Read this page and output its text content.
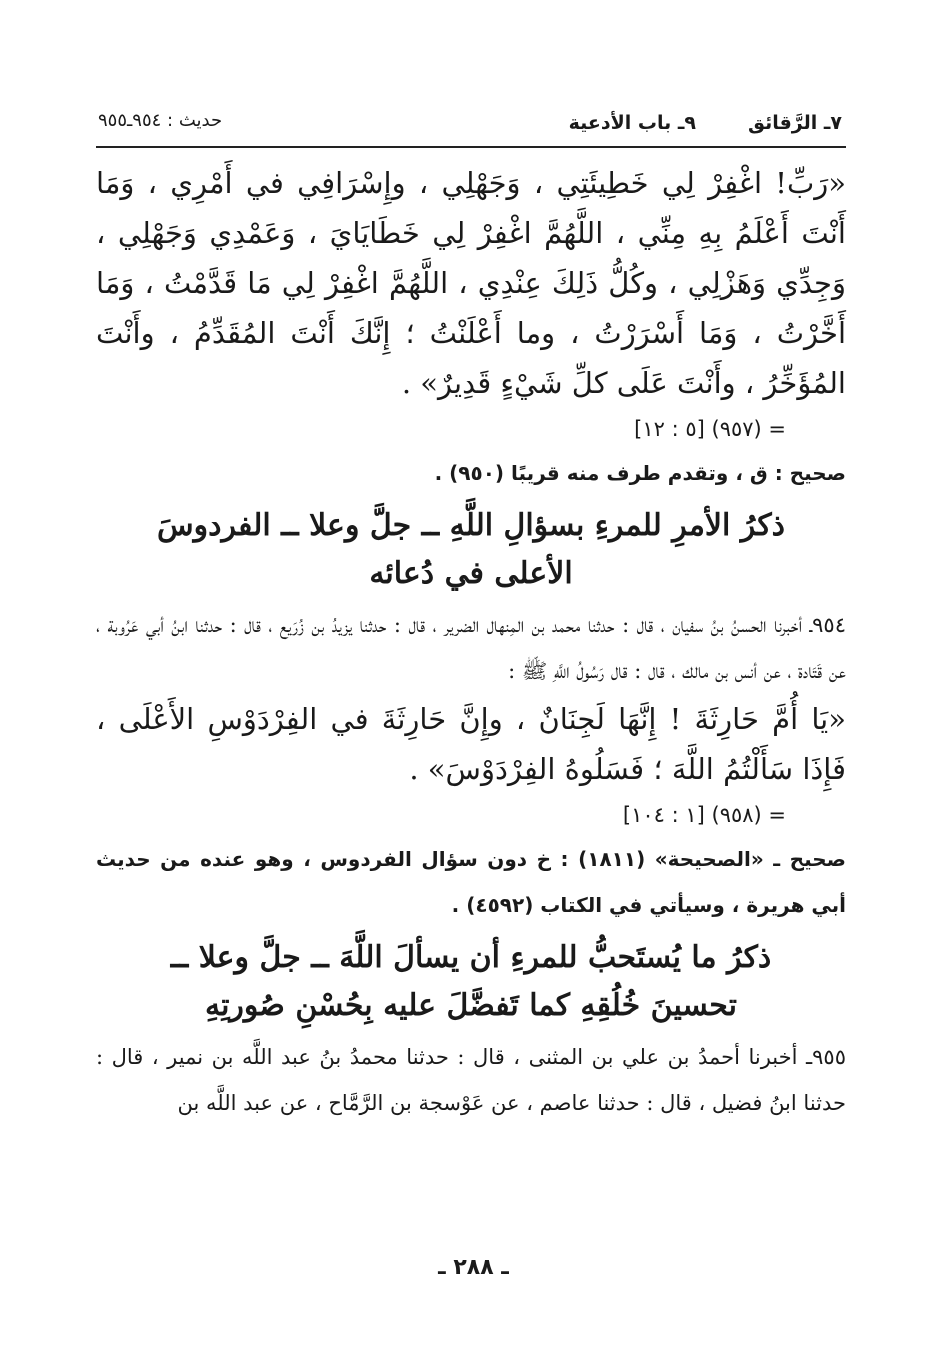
٧ـ الرَّقائق
٩ـ باب الأدعية
حديث : ٩٥٤ـ٩٥٥

«رَبِّ! اغْفِرْ لِي خَطِيئَتِي ، وَجَهْلِي ، وإِسْرَافِي في أَمْرِي ، وَمَا أَنْتَ أَعْلَمُ بِهِ مِنِّي ، اللَّهُمَّ اغْفِرْ لِي خَطَايَايَ ، وَعَمْدِي وَجَهْلِي ، وَجِدِّي وَهَزْلِي ، وكُلُّ ذَلِكَ عِنْدِي ، اللَّهُمَّ اغْفِرْ لِي مَا قَدَّمْتُ ، وَمَا أَخَّرْتُ ، وَمَا أَسْرَرْتُ ، وما أَعْلَنْتُ ؛ إِنَّكَ أَنْتَ المُقَدِّمُ ، وأَنْتَ المُؤَخِّرُ ، وأَنْتَ عَلَى كلِّ شَيْءٍ قَدِيرٌ» .

= (٩٥٧) [٥ : ١٢]

صحيح : ق ، وتقدم طرف منه قريبًا (٩٥٠) .

ذكرُ الأمرِ للمرءِ بسؤالِ اللَّهِ ــ جلَّ وعلا ــ الفردوسَ
الأعلى في دُعائه

٩٥٤ـ أخبرنا الحسنُ بنُ سفيان ، قال : حدثنا محمد بن المِنهال الضرير ، قال : حدثنا يزيدُ بن زُرَيع ، قال : حدثنا ابنُ أبي عَرُوبة ، عن قَتَادة ، عن أنس بن مالك ، قال : قال رَسُولُ اللَّهِ ﷺ :

«يَا أُمَّ حَارِثَةَ ! إِنَّهَا لَجِنَانٌ ، وإِنَّ حَارِثَةَ في الفِرْدَوْسِ الأَعْلَى ، فَإِذَا سَأَلْتُمُ اللَّهَ ؛ فَسَلُوهُ الفِرْدَوْسَ» .

= (٩٥٨) [١ : ١٠٤]

صحيح ـ «الصحيحة» (١٨١١) : خ دون سؤال الفردوس ، وهو عنده من حديث أبي هريرة ، وسيأتي في الكتاب (٤٥٩٢) .

ذكرُ ما يُستَحبُّ للمرءِ أن يسألَ اللَّهَ ــ جلَّ وعلا ــ
تحسينَ خُلُقِهِ كما تَفضَّلَ عليه بِحُسْنِ صُورتِهِ

٩٥٥ـ أخبرنا أحمدُ بن علي بن المثنى ، قال : حدثنا محمدُ بنُ عبد اللَّه بن نمير ، قال : حدثنا ابنُ فضيل ، قال : حدثنا عاصم ، عن عَوْسجة بن الرَّمَّاح ، عن عبد اللَّه بن

ـ ٢٨٨ ـ
